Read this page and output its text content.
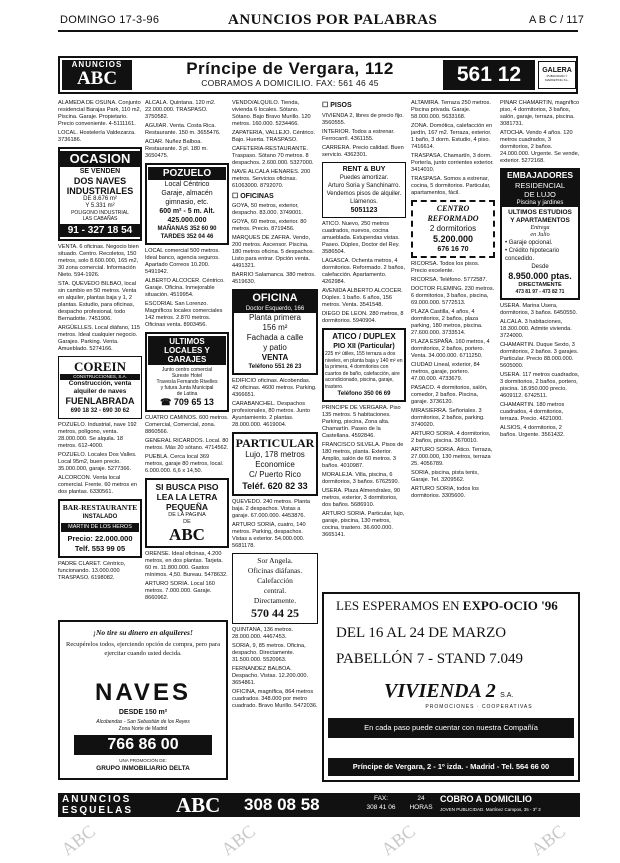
DOMINGO 17-3-96	ANUNCIOS POR PALABRAS	A B C / 117
ANUNCIOS
ABC	Príncipe de Vergara, 112
COBRAMOS A DOMICILIO. FAX: 561 46 45	561 12 96
GALERA
PUBLICIDAD Y MARKETING S.L.

ALAMEDA DE OSUNA. Conjunto residencial Barajas Park, 110 m2, Piscina. Garaje. Propietario. Precio conveniente. 4-5111161.

LOCAL. Hostelería Valdezarza. 3736186.

OCASION
SE VENDEN
DOS NAVES
INDUSTRIALES
DE 8.676 m²
Y 5.331 m²
POLIGONO INDUSTRIAL
LAS CABAÑAS
91 - 327 18 54

VENTA. 6 oficinas. Negocio bien situado. Centro. Recoletos, 150 metros, solo 8.600.000, 165 m2, 30 zona comercial. Información Nieto. 594-1926.

STA. QUEVEDO BILBAO, local sin cambio en 50 metros. Venta en alquiler, plantas baja y 1, 2 plantas. Estudio, para oficinas, despacho profesional, todo Bernadotte. 7451906.

ARGÜELLES. Local diáfano, 115 metros. Ideal cualquier negocio. Garajes. Parking. Venta. Amueblado. 5274166.

COREIN
CONSTRUCCIONES, S.A.
Construcción, venta
alquiler de naves
FUENLABRADA
690 18 32 - 690 30 62

POZUELO. Industrial, nave 192 metros, polígono, venta. 28.000.000. Se alquila. 18 metros. 612-4000.

POZUELO. Locales Dos Valles. Local 95m2, buen precio. 35.000.000, garaje. 5277366.

ALCORCON. Venta local comercial. Frente. 60 metros en dos plantas. 6330561.

BAR-RESTAURANTE
INSTALADO
MARTIN DE LOS HEROS
Precio: 22.000.000
Telf. 553 99 05

PADRE CLARET. Céntrico, funcionando. 13.000.000 TRASPASO. 6198082.

ALCALA. Quintana. 120 m2. 22.000.000. TRASPASO. 3750582.

AGUIAR. Venta. Costa Rica. Restaurante. 150 m. 3655476.

ACIAR. Nuñez Balboa. Restaurante. 3 pl. 180 m. 3650475.

POZUELO
Local Céntrico
Garaje, almacén
gimnasio, etc.
600 m² - 5 m. Alt.
425.000.000
MAÑANAS 352 60 90
TARDES 352 04 46

LOCAL comercial 500 metros. Ideal banco, agencia seguros. Apartado Correos 10.200. 5491942.

ALBERTO ALCOCER. Céntrico. Garaje. Oficina. Inmejorable situación. 4519954.

ESCORIAL San Lorenzo. Magníficos locales comerciales 142 metros. 2.870 metros. Oficinas venta. 8903456.

ULTIMOS
LOCALES Y
GARAJES
Junto centro comercial
Sureste Hotel
Travesía Fernando Rivelles
y futura Junta Municipal
de Latina
☎ 709 65 13

CUATRO CAMINOS. 600 metros. Comercial, Comercial, zona. 8860566.

GENERAL RICARDOS. Local. 80 metros. Más 20 sótano. 4714562.

PUEBLA. Cerca local 369 metros, garaje 80 metros, local. 6.000.000. 6,6 x 14,50.

SI BUSCA PISO
LEA LA LETRA
PEQUEÑA
DE LA PAGINA
DE
ABC

ORENSE. Ideal oficinas, 4.200 metros, en dos plantas. Tarjeta. 60 m. 11.800.000. Gastos mínimos. 4,50. Bureau. 5478632.

ARTURO SORIA. Local 160 metros. 7.000.000. Garaje. 8660962.

VENDO/ALQUILO. Tienda, vivienda 6 locales. Sótano. Sótano. Bajo Bravo Murillo. 120 metros. 160.000. 5234466.

ZAPATERIA, VALLEJO. Céntrico. Bajo. Huerta. TRASPASO.

CAFETERIA-RESTAURANTE. Traspaso. Sótano 70 metros. 8 despachos. 2.600.000. 5327000.

NAVE ALCALA HENARES. 200 metros. Servicios oficinas. 61063000. 8792070.

☐ OFICINAS

GOYA, 50 metros, exterior, despacho. 83.000. 3749001.

GOYA, 60 metros, exterior. 80 metros. Precio. 8719456.

MARQUES DE ZAFRA. Vendo, 200 metros. Ascensor. Piscina. 180 metros oficina. 5 despachos. Listo para entrar. Opción venta. 4491321.

BARRIO Salamanca. 380 metros. 4519630.

OFICINA
Doctor Esquerdo, 166
Planta primera
156 m²
Fachada a calle
y patio
VENTA
Teléfono 551 26 23

EDIFICIO oficinas. Alcobendas. 42 oficinas. 4600 metros. Parking. 4366651.

CARABANCHEL. Despachos profesionales, 80 metros. Junto Ayuntamiento. 2 plantas. 28.000.000. 4619004.

PARTICULAR
Lujo, 178 metros
Economice
C/ Puerto Rico
Teléf. 620 82 33

QUEVEDO. 240 metros. Planta baja. 2 despachos. Vistas a garaje. 67.000.000. 4453876.

ARTURO SORIA, cuatro, 140 metros. Parking, despachos. Vistas a exterior. 54.000.000. 5681178.

Sor Angela.
Oficinas diáfanas.
Calefacción
central.
Directamente.
570 44 25

QUINTANA, 136 metros. 28.000.000. 4467453.

SORIA, 9, 85 metros. Oficina, despacho. Directamente. 31.500.000. 5520963.

FERNANDEZ BALBOA. Despacho. Vistas. 12.200.000. 3654861.

OFICINA, magnífica, 864 metros cuadrados. 348.000 por metro cuadrado. Bravo Murillo. 5472036.

☐ PISOS

VIVIENDA 2, libres de precio fijo. 3560555.

INTERIOR. Todos a estrenar. Ferrocarril. 4361155.

CARRERA. Precio calidad. Buen servicio. 4362301.

RENT & BUY
Puedes amortizar.
Arturo Soria y Sanchinarro.
Vendemos pisos de alquiler.
Llámenos.
5051123

ATICO. Nuevo, 250 metros cuadrados, nuevos, cocina amueblada. Estupendas vistas. Paseo. Dúplex, Doctor del Rey. 3586504.

LAGASCA. Ochenta metros, 4 dormitorios. Reformado. 2 baños, calefacción. Apartamento. 4262984.

AVENIDA ALBERTO ALCOCER. Dúplex. 1 baño. 6 años, 156 metros. Venta. 3541548.

DIEGO DE LEON. 280 metros, 8 dormitorios. 5940904.

ATICO / DUPLEX
PIO XII (Particular)
225 m² útiles, 155 terraza a dos niveles, en planta baja y 140 m² en la primera, 4 dormitorios con cuartos de baño, calefacción, aire acondicionado, piscina, garaje, trastero.
Teléfono 350 06 69

PRINCIPE DE VERGARA. Piso 135 metros. 5 habitaciones. Parking, piscina, Zona alta. Chamartín. Paseo de la Castellana. 4592846.

FRANCISCO SILVELA. Pisos de 180 metros, planta. Exterior. Amplio, salón de 60 metros. 3 baños. 4010987.

MORALEJA. Villa, piscina, 6 dormitorios, 3 baños. 6762590.

USERA. Plaza Almendrales, 90 metros, exterior, 3 dormitorios, dos baños. 5686910.

ARTURO SORIA. Particular, lujo, garaje, piscina, 130 metros, cocina, trastero. 36.600.000. 3665141.

ALTAMIRA. Terraza 250 metros. Piscina privada. Garaje. 58.000.000. 5633168.

ZONA. Domótica, calefacción en jardín, 167 m2. Terraza, exterior. 1 baño, 3 dorm. Estudio, 4 piso. 7416614.

TRASPASA. Chamartín, 3 dorm. Portería, junto corrientes exterior. 3414010.

TRASPASA. Somos a estrenar, cocina, 5 dormitorios. Particular, apartamentos, fácil.

CENTRO
REFORMADO
2 dormitorios
5.200.000
676 16 70

RICORSA. Todos los pisos. Precio excelente.

RICORSA. Teléfono. 5772587.

DOCTOR FLEMING. 230 metros. 6 dormitorios, 3 baños, piscina, 69.000.000. 5772513.

PLAZA Castilla, 4 años, 4 dormitorios, 2 baños, plaza parking, 180 metros, piscina. 27.600.000. 3733514.

PLAZA ESPAÑA. 160 metros, 4 dormitorios, 2 baños, portero. Venta. 34.000.000. 6711250.

CIUDAD Lineal, exterior, 84 metros, garaje, portero. 47.00.000. 4733679.

PASACO. 4 dormitorios, salón, comedor, 2 baños. Piscina, garaje. 3736120.

MIRASIERRA. Señoriales. 3 dormitorios, 2 baños, parking. 3740020.

ARTURO SORIA. 4 dormitorios, 2 baños, piscina. 3670010.

ARTURO SORIA. Ático. Terraza, 27.000.000, 130 metros, terraza 25. 4056789.

SORIA, piscina, pista tenis, Garaje. Tel. 3209562.

ARTURO SORIA, todos los dormitorios. 3305600.

PINAR CHAMARTIN, magnífico piso, 4 dormitorios, 3 baños, salón, garaje, terraza, piscina. 3081731.

ATOCHA. Vendo 4 años. 120 metros cuadrados, 3 dormitorios, 2 baños. 24.000.000. Urgente. Se vende, exterior. 5272168.

EMBAJADORES
RESIDENCIAL
DE LUJO
Piscina y jardines
ULTIMOS ESTUDIOS
Y APARTAMENTOS
Entrega
en Julio
• Garaje opcional.
• Crédito hipotecario concedido.
Desde
8.950.000 ptas.
DIRECTAMENTE
473 81 97 - 473 82 71

USERA. Marina Usera, dormitorios, 3 baños. 6450550.

ALCALA. 3 habitaciones, 18.300.000. Admite vivienda. 3724000.

CHAMARTIN. Duque Sexto, 3 dormitorios, 2 baños. 3 garajes. Particular. Precio 88.000.000. 5605000.

USERA. 117 metros cuadrados, 3 dormitorios, 2 baños, portero, piscina. 18.950.000 precio. 4609112. 6742511.

CHAMARTIN. 180 metros cuadrados, 4 dormitorios, terraza. Precio. 4621000.

ALSIOS, 4 dormitorios, 2 baños. Urgente. 3561432.

LES ESPERAMOS EN EXPO-OCIO '96
DEL 16 AL 24 DE MARZO
PABELLÓN 7 - STAND 7.049
VIVIENDA 2 S.A.
PROMOCIONES · COOPERATIVAS
En cada paso puede cuentar con nuestra Compañía
Príncipe de Vergara, 2 - 1º izda. - Madrid - Tel. 564 66 00
¡No tire su dinero en alquileres!
Recupérelos todos, ejerciendo opción de compra, pero para ejercitar cuando usted decida.
NAVES
DESDE 150 m²
Alcobendas - San Sebastián de los Reyes
Zona Norte de Madrid
766 86 00
UNA PROMOCIÓN DE:
GRUPO INMOBILIARIO DELTA
ANUNCIOS
ESQUELAS	ABC	308 08 58	FAX:
308 41 06
24
HORAS
COBRO A DOMICILIO
JOVEN PUBLICIDAD. Martínez Campos, 35 - 3º 3
ABC	ABC	ABC	ABC
